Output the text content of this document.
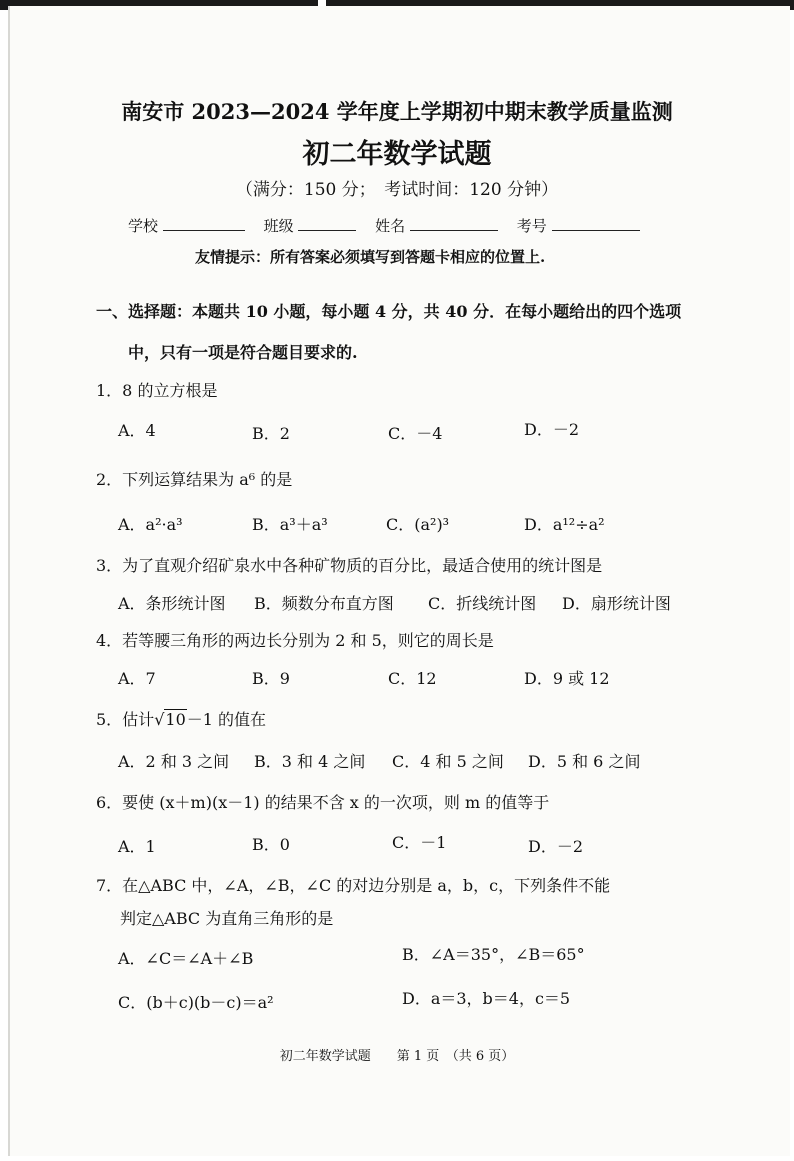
南安市 2023—2024 学年度上学期初中期末教学质量监测
初二年数学试题
（满分：150 分；　考试时间：120 分钟）
学校	班级	姓名	考号
友情提示：所有答案必须填写到答题卡相应的位置上.
一、选择题：本题共 10 小题，每小题 4 分，共 40 分．在每小题给出的四个选项
中，只有一项是符合题目要求的.
1．8 的立方根是
A．4	B．2	C．－4	D．－2
2．下列运算结果为 a⁶ 的是
A．a²·a³	B．a³＋a³	C．(a²)³	D．a¹²÷a²
3．为了直观介绍矿泉水中各种矿物质的百分比，最适合使用的统计图是
A．条形统计图 B．频数分布直方图 C．折线统计图 D．扇形统计图
4．若等腰三角形的两边长分别为 2 和 5，则它的周长是
A．7	B．9	C．12	D．9 或 12
5．估计√10－1 的值在
A．2 和 3 之间 B．3 和 4 之间 C．4 和 5 之间 D．5 和 6 之间
6．要使 (x＋m)(x－1) 的结果不含 x 的一次项，则 m 的值等于
A．1	B．0	C．－1	D．－2
7．在△ABC 中，∠A，∠B，∠C 的对边分别是 a，b，c，下列条件不能
判定△ABC 为直角三角形的是
A．∠C＝∠A＋∠B	B．∠A＝35°，∠B＝65°
C．(b＋c)(b－c)＝a²	D．a＝3，b＝4，c＝5
初二年数学试题　　第 1 页　（共 6 页）
